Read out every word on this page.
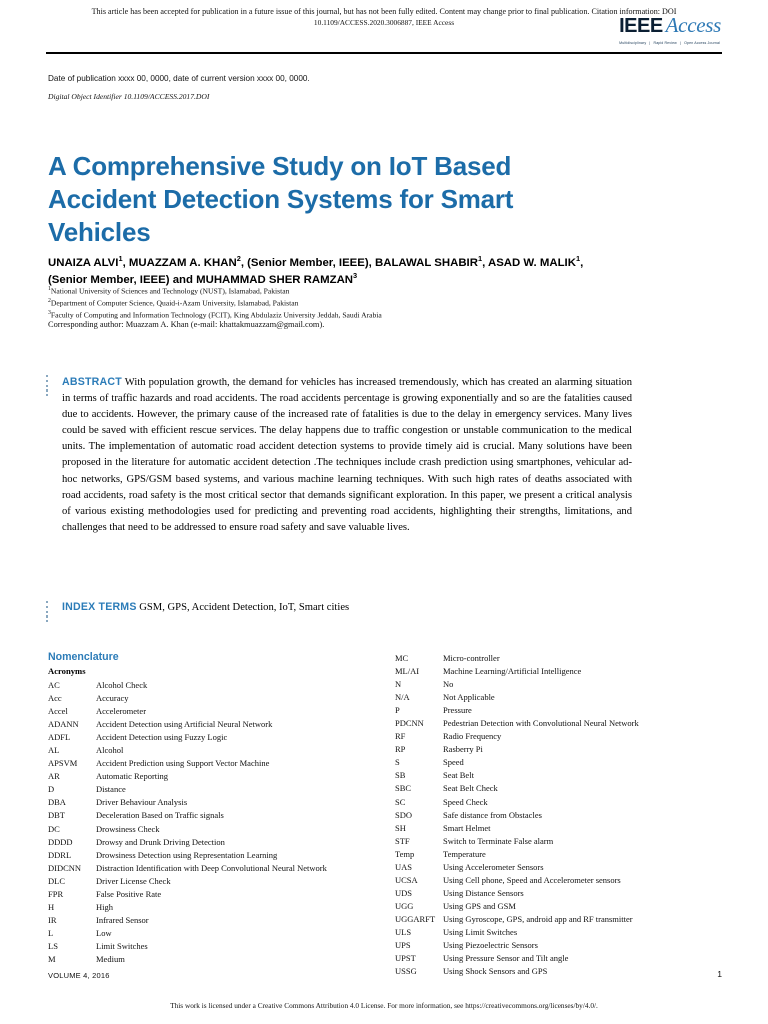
This article has been accepted for publication in a future issue of this journal, but has not been fully edited. Content may change prior to final publication. Citation information: DOI
10.1109/ACCESS.2020.3006887, IEEE Access	IEEE Access
Multidisciplinary | Rapid Review | Open Access Journal
Date of publication xxxx 00, 0000, date of current version xxxx 00, 0000.
Digital Object Identifier 10.1109/ACCESS.2017.DOI
A Comprehensive Study on IoT Based Accident Detection Systems for Smart Vehicles
UNAIZA ALVI$^1$, MUAZZAM A. KHAN$^2$, (Senior Member, IEEE), BALAWAL SHABIR$^1$, ASAD W. MALIK$^1$, (Senior Member, IEEE) and MUHAMMAD SHER RAMZAN$^3$
$^1$National University of Sciences and Technology (NUST), Islamabad, Pakistan
$^2$Department of Computer Science, Quaid-i-Azam University, Islamabad, Pakistan
$^3$Faculty of Computing and Information Technology (FCIT), King Abdulaziz University Jeddah, Saudi Arabia
Corresponding author: Muazzam A. Khan (e-mail: khattakmuazzam@gmail.com).
ABSTRACT With population growth, the demand for vehicles has increased tremendously, which has created an alarming situation in terms of traffic hazards and road accidents. The road accidents percentage is growing exponentially and so are the fatalities caused due to accidents. However, the primary cause of the increased rate of fatalities is due to the delay in emergency services. Many lives could be saved with efficient rescue services. The delay happens due to traffic congestion or unstable communication to the medical units. The implementation of automatic road accident detection systems to provide timely aid is crucial. Many solutions have been proposed in the literature for automatic accident detection .The techniques include crash prediction using smartphones, vehicular ad-hoc networks, GPS/GSM based systems, and various machine learning techniques. With such high rates of deaths associated with road accidents, road safety is the most critical sector that demands significant exploration. In this paper, we present a critical analysis of various existing methodologies used for predicting and preventing road accidents, highlighting their strengths, limitations, and challenges that need to be addressed to ensure road safety and save valuable lives.
INDEX TERMS GSM, GPS, Accident Detection, IoT, Smart cities
Nomenclature
Acronyms
AC	Alcohol Check
Acc	Accuracy
Accel	Accelerometer
ADANN	Accident Detection using Artificial Neural Network
ADFL	Accident Detection using Fuzzy Logic
AL	Alcohol
APSVM	Accident Prediction using Support Vector Machine
AR	Automatic Reporting
D	Distance
DBA	Driver Behaviour Analysis
DBT	Deceleration Based on Traffic signals
DC	Drowsiness Check
DDDD	Drowsy and Drunk Driving Detection
DDRL	Drowsiness Detection using Representation Learning
DIDCNN	Distraction Identification with Deep Convolutional Neural Network
DLC	Driver License Check
FPR	False Positive Rate
H	High
IR	Infrared Sensor
L	Low
LS	Limit Switches
M	Medium
MC	Micro-controller
ML/AI	Machine Learning/Artificial Intelligence
N	No
N/A	Not Applicable
P	Pressure
PDCNN	Pedestrian Detection with Convolutional Neural Network
RF	Radio Frequency
RP	Rasberry Pi
S	Speed
SB	Seat Belt
SBC	Seat Belt Check
SC	Speed Check
SDO	Safe distance from Obstacles
SH	Smart Helmet
STF	Switch to Terminate False alarm
Temp	Temperature
UAS	Using Accelerometer Sensors
UCSA	Using Cell phone, Speed and Accelerometer sensors
UDS	Using Distance Sensors
UGG	Using GPS and GSM
UGGARFT Using Gyroscope, GPS, android app and RF transmitter
ULS	Using Limit Switches
UPS	Using Piezoelectric Sensors
UPST	Using Pressure Sensor and Tilt angle
USSG	Using Shock Sensors and GPS
VOLUME 4, 2016	1
This work is licensed under a Creative Commons Attribution 4.0 License. For more information, see https://creativecommons.org/licenses/by/4.0/.
